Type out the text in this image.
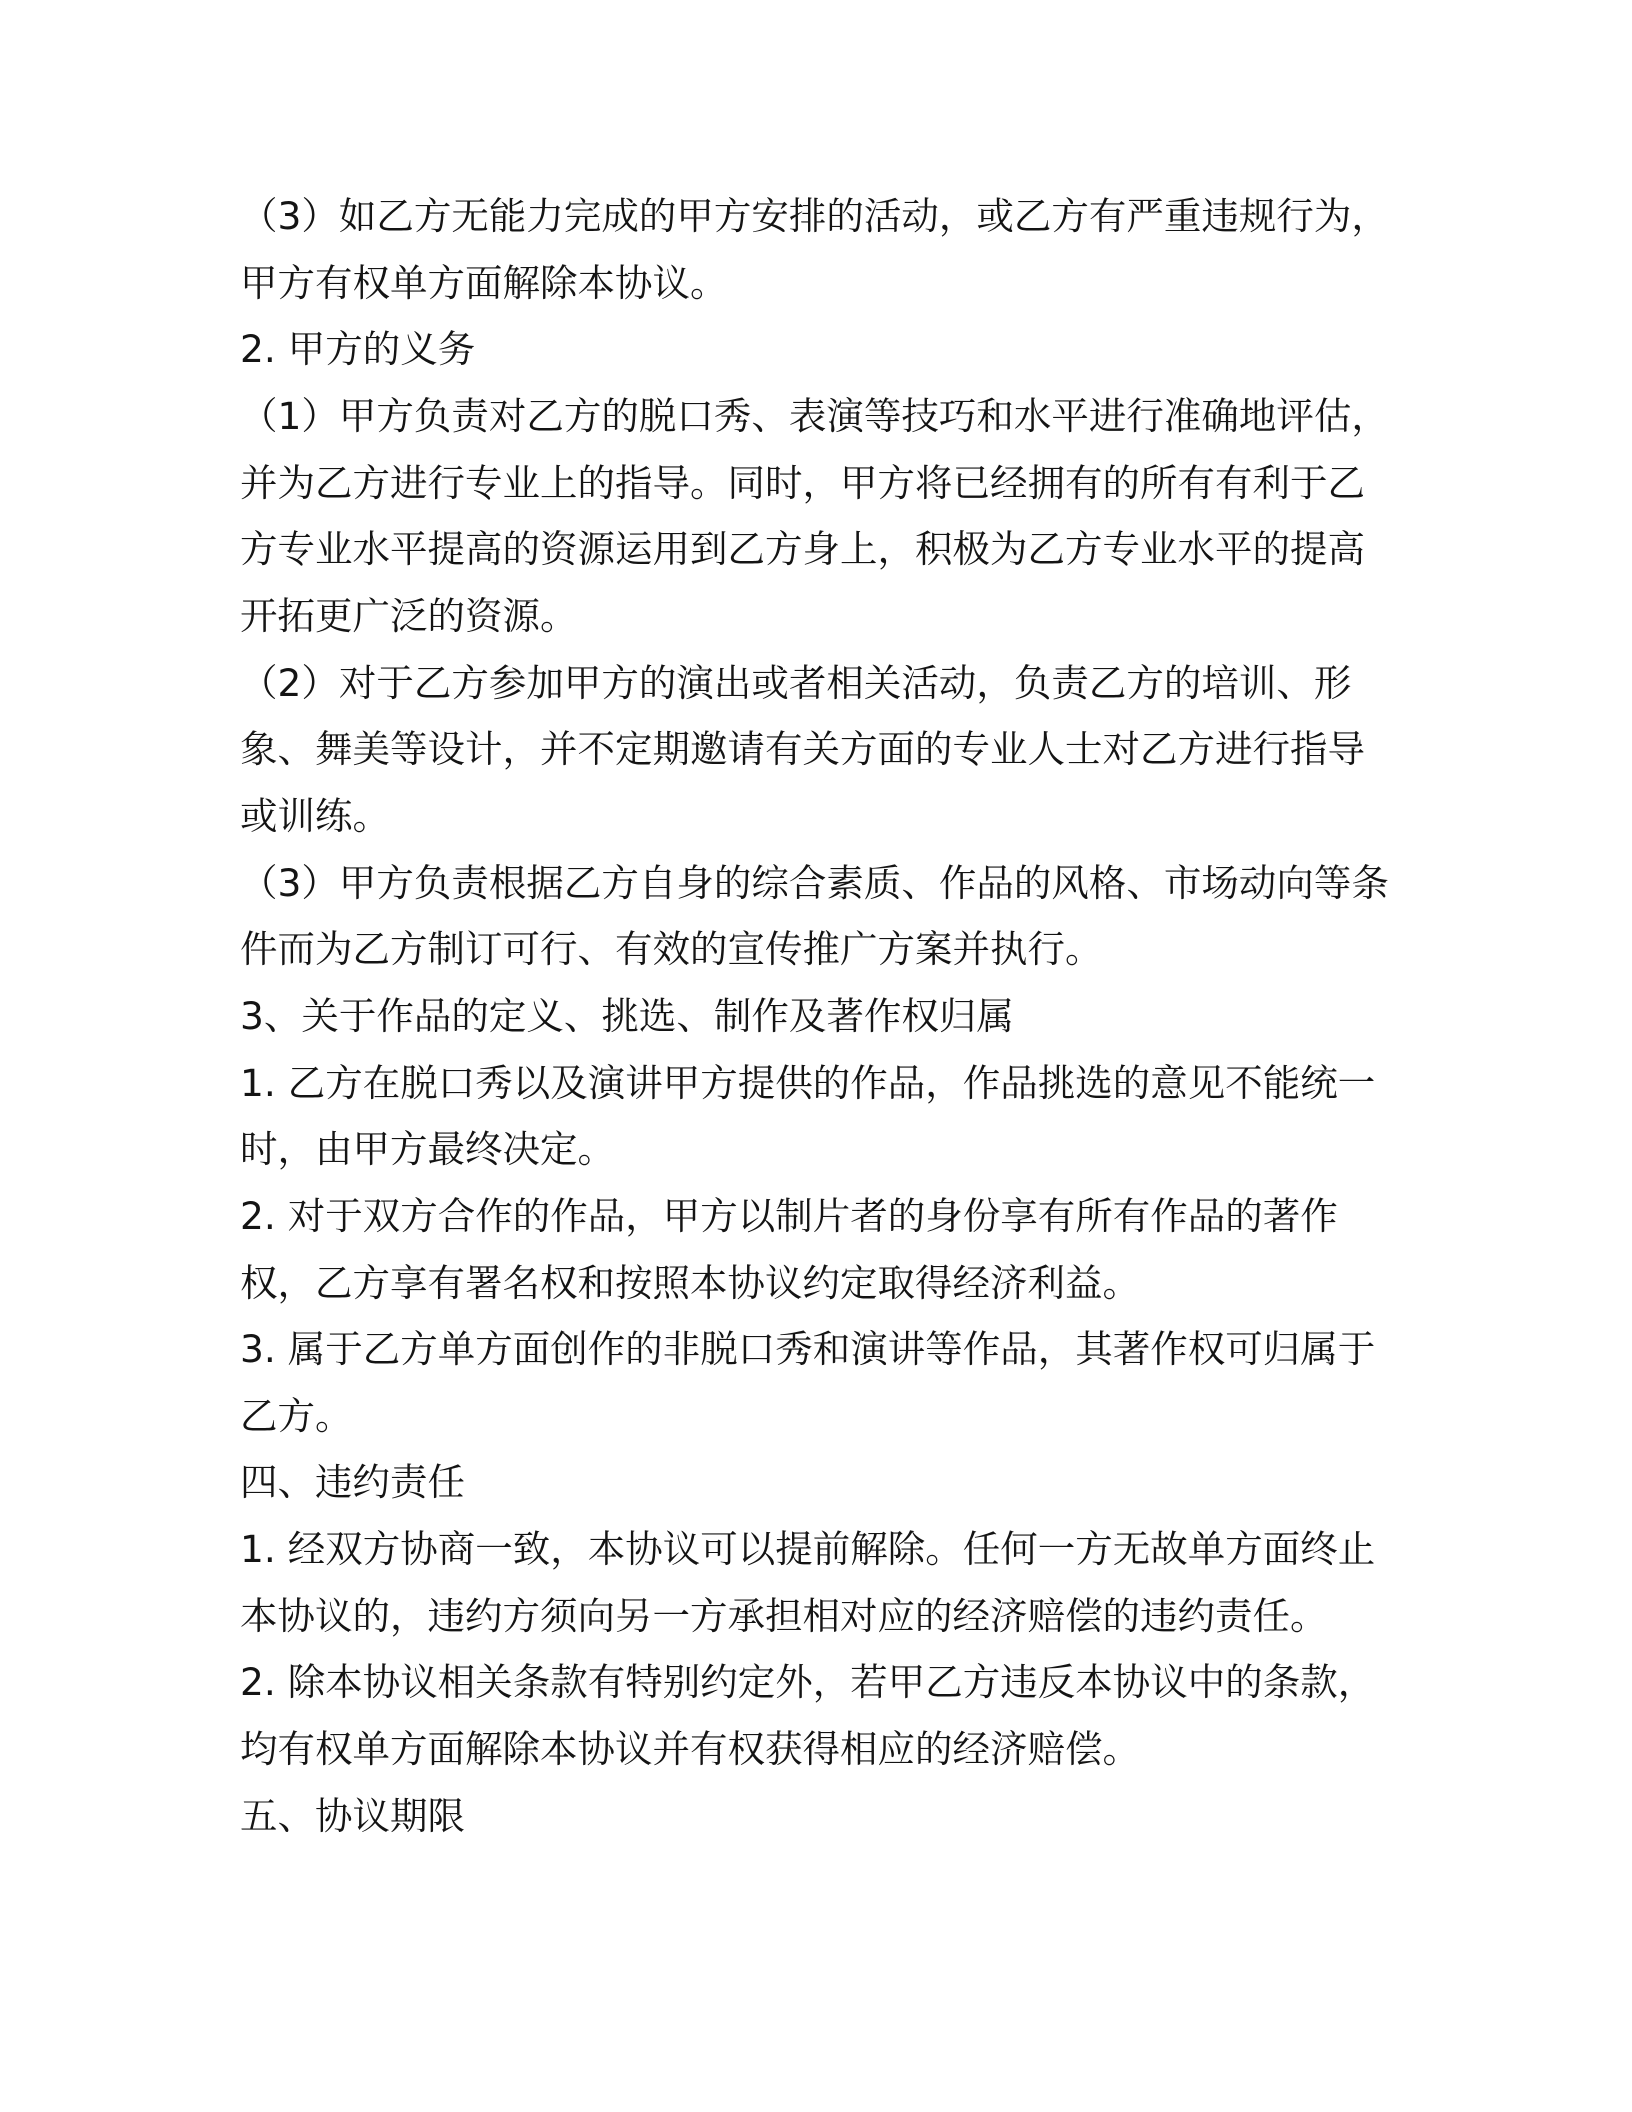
（3）如乙方无能力完成的甲方安排的活动，或乙方有严重违规行为，
甲方有权单方面解除本协议。
2. 甲方的义务
（1）甲方负责对乙方的脱口秀、表演等技巧和水平进行准确地评估，
并为乙方进行专业上的指导。同时，甲方将已经拥有的所有有利于乙
方专业水平提高的资源运用到乙方身上，积极为乙方专业水平的提高
开拓更广泛的资源。
（2）对于乙方参加甲方的演出或者相关活动，负责乙方的培训、形
象、舞美等设计，并不定期邀请有关方面的专业人士对乙方进行指导
或训练。
（3）甲方负责根据乙方自身的综合素质、作品的风格、市场动向等条
件而为乙方制订可行、有效的宣传推广方案并执行。
3、关于作品的定义、挑选、制作及著作权归属
1. 乙方在脱口秀以及演讲甲方提供的作品，作品挑选的意见不能统一
时，由甲方最终决定。
2. 对于双方合作的作品，甲方以制片者的身份享有所有作品的著作
权，乙方享有署名权和按照本协议约定取得经济利益。
3. 属于乙方单方面创作的非脱口秀和演讲等作品，其著作权可归属于
乙方。
四、违约责任
1. 经双方协商一致，本协议可以提前解除。任何一方无故单方面终止
本协议的，违约方须向另一方承担相对应的经济赔偿的违约责任。
2. 除本协议相关条款有特别约定外，若甲乙方违反本协议中的条款，
均有权单方面解除本协议并有权获得相应的经济赔偿。
五、协议期限
